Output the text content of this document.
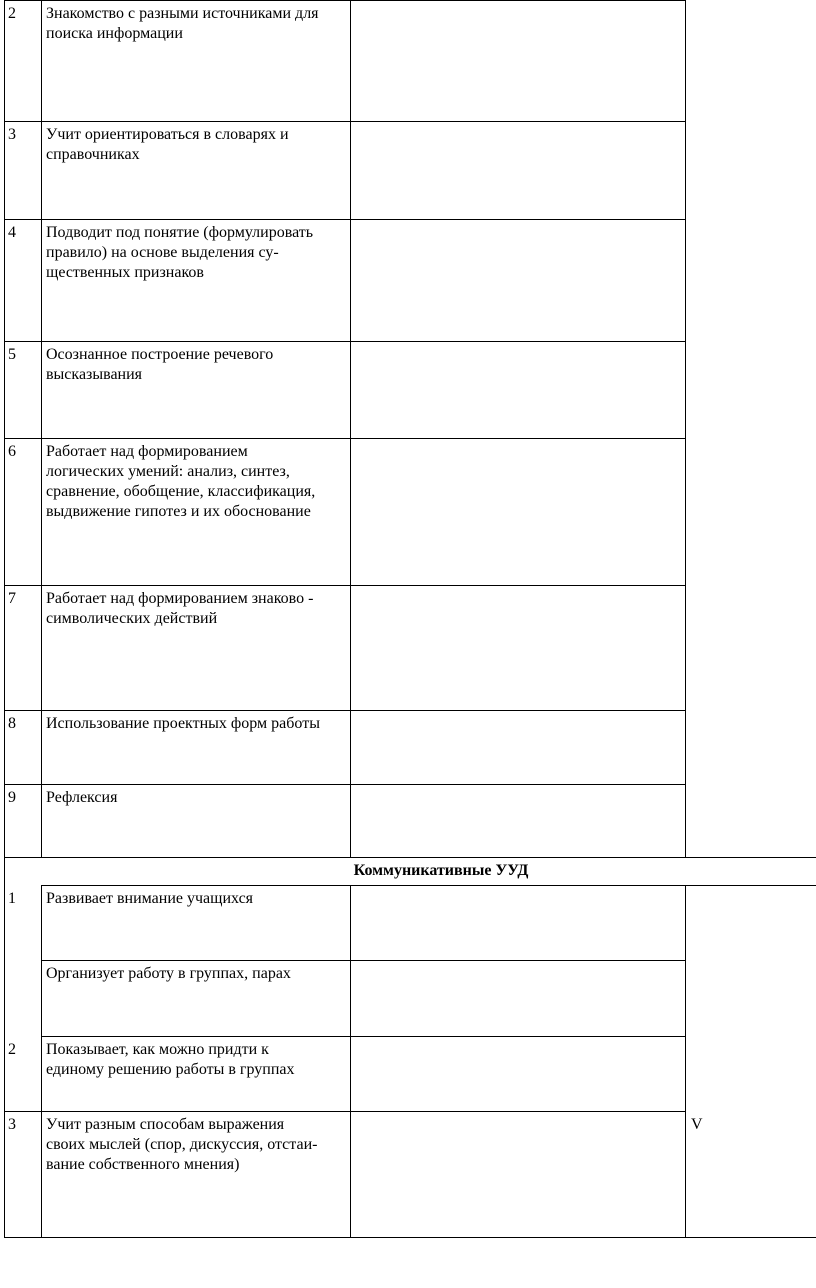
2 Знакомство с разными источниками для
поиска информации
3 Учит ориентироваться в словарях и
справочниках
4 Подводит под понятие (формулировать
правило) на основе выделения су-
щественных признаков
5 Осознанное построение речевого
высказывания
6 Работает над формированием
логических умений: анализ, синтез,
сравнение, обобщение, классификация,
выдвижение гипотез и их обоснование
7 Работает над формированием знаково -
символических действий
8 Использование проектных форм работы
9 Рефлексия
Коммуникативные УУД
1 Развивает внимание учащихся
Организует работу в группах, парах
2 Показывает, как можно придти к
единому решению работы в группах
3 Учит разным способам выражения
своих мыслей (спор, дискуссия, отстаи-
вание собственного мнения)
V
